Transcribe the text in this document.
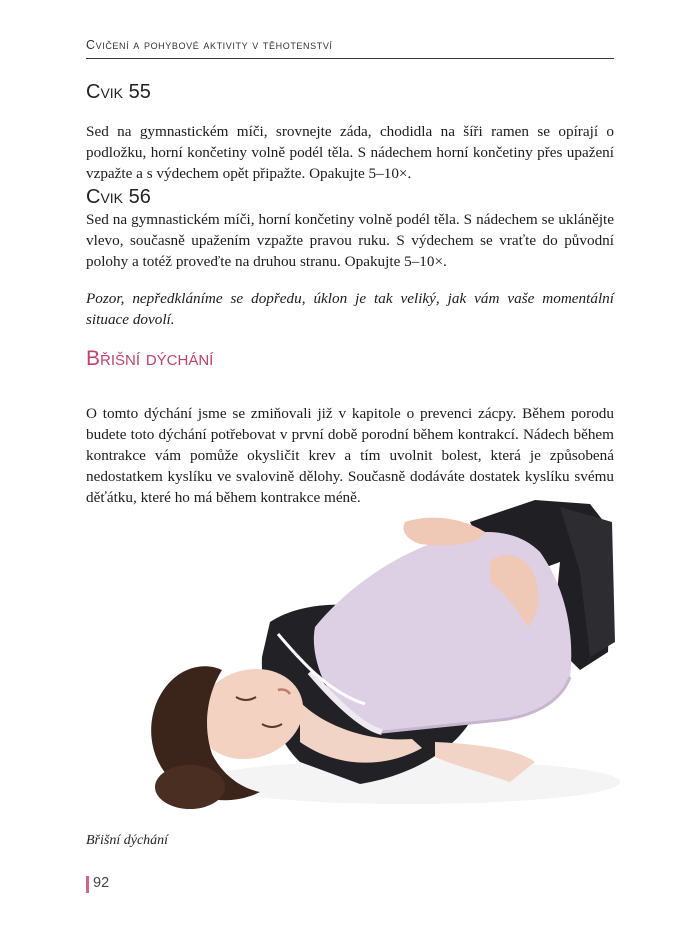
Cvičení a pohybové aktivity v těhotenství
Cvik 55

Sed na gymnastickém míči, srovnejte záda, chodidla na šíři ramen se opírají o podložku, horní končetiny volně podél těla. S nádechem horní končetiny přes upažení vzpažte a s výdechem opět připažte. Opakujte 5–10×.

Cvik 56

Sed na gymnastickém míči, horní končetiny volně podél těla. S nádechem se uklánějte vlevo, současně upažením vzpažte pravou ruku. S výdechem se vraťte do původní polohy a totéž proveďte na druhou stranu. Opakujte 5–10×.

Pozor, nepředkláníme se dopředu, úklon je tak veliký, jak vám vaše momentální situace dovolí.

Břišní dýchání

O tomto dýchání jsme se zmiňovali již v kapitole o prevenci zácpy. Během porodu budete toto dýchání potřebovat v první době porodní během kontrakcí. Nádech během kontrakce vám pomůže okysličit krev a tím uvolnit bolest, která je způsobená nedostatkem kyslíku ve svalovině dělohy. Současně dodáváte dostatek kyslíku svému děťátku, které ho má během kontrakce méně.

Břišní dýchání

92
